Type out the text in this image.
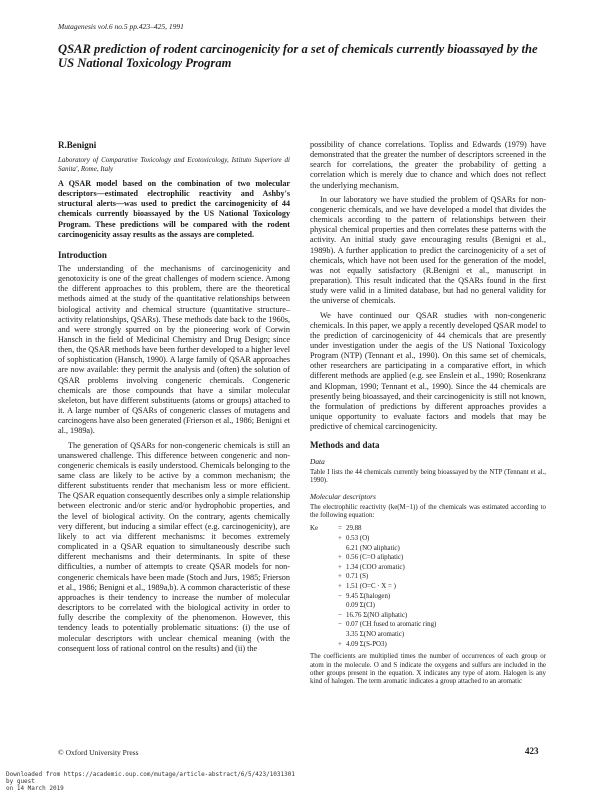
Mutagenesis vol.6 no.5 pp.423–425, 1991
QSAR prediction of rodent carcinogenicity for a set of chemicals currently bioassayed by the US National Toxicology Program
R.Benigni
Laboratory of Comparative Toxicology and Ecotoxicology, Istituto Superiore di Sanita', Rome, Italy
A QSAR model based on the combination of two molecular descriptors—estimated electrophilic reactivity and Ashby's structural alerts—was used to predict the carcinogenicity of 44 chemicals currently bioassayed by the US National Toxicology Program. These predictions will be compared with the rodent carcinogenicity assay results as the assays are completed.
Introduction

The understanding of the mechanisms of carcinogenicity and genotoxicity is one of the great challenges of modern science. Among the different approaches to this problem, there are the theoretical methods aimed at the study of the quantitative relationships between biological activity and chemical structure (quantitative structure–activity relationships, QSARs). These methods date back to the 1960s, and were strongly spurred on by the pioneering work of Corwin Hansch in the field of Medicinal Chemistry and Drug Design; since then, the QSAR methods have been further developed to a higher level of sophistication (Hansch, 1990). A large family of QSAR approaches are now available: they permit the analysis and (often) the solution of QSAR problems involving congeneric chemicals. Congeneric chemicals are those compounds that have a similar molecular skeleton, but have different substituents (atoms or groups) attached to it. A large number of QSARs of congeneric classes of mutagens and carcinogens have also been generated (Frierson et al., 1986; Benigni et al., 1989a).

The generation of QSARs for non-congeneric chemicals is still an unanswered challenge. This difference between congeneric and non-congeneric chemicals is easily understood. Chemicals belonging to the same class are likely to be active by a common mechanism; the different substituents render that mechanism less or more efficient. The QSAR equation consequently describes only a simple relationship between electronic and/or steric and/or hydrophobic properties, and the level of biological activity. On the contrary, agents chemically very different, but inducing a similar effect (e.g. carcinogenicity), are likely to act via different mechanisms: it becomes extremely complicated in a QSAR equation to simultaneously describe such different mechanisms and their determinants. In spite of these difficulties, a number of attempts to create QSAR models for non-congeneric chemicals have been made (Stoch and Jurs, 1985; Frierson et al., 1986; Benigni et al., 1989a,b). A common characteristic of these approaches is their tendency to increase the number of molecular descriptors to be correlated with the biological activity in order to fully describe the complexity of the phenomenon. However, this tendency leads to potentially problematic situations: (i) the use of molecular descriptors with unclear chemical meaning (with the consequent loss of rational control on the results) and (ii) the

possibility of chance correlations. Topliss and Edwards (1979) have demonstrated that the greater the number of descriptors screened in the search for correlations, the greater the probability of getting a correlation which is merely due to chance and which does not reflect the underlying mechanism.

In our laboratory we have studied the problem of QSARs for non-congeneric chemicals, and we have developed a model that divides the chemicals according to the pattern of relationships between their physical chemical properties and then correlates these patterns with the activity. An initial study gave encouraging results (Benigni et al., 1989b). A further application to predict the carcinogenicity of a set of chemicals, which have not been used for the generation of the model, was not equally satisfactory (R.Benigni et al., manuscript in preparation). This result indicated that the QSARs found in the first study were valid in a limited database, but had no general validity for the universe of chemicals.

We have continued our QSAR studies with non-congeneric chemicals. In this paper, we apply a recently developed QSAR model to the prediction of carcinogenicity of 44 chemicals that are presently under investigation under the aegis of the US National Toxicology Program (NTP) (Tennant et al., 1990). On this same set of chemicals, other researchers are participating in a comparative effort, in which different methods are applied (e.g. see Enslein et al., 1990; Rosenkranz and Klopman, 1990; Tennant et al., 1990). Since the 44 chemicals are presently being bioassayed, and their carcinogenicity is still not known, the formulation of predictions by different approaches provides a unique opportunity to evaluate factors and models that may be predictive of chemical carcinogenicity.

Methods and data
Data
Table I lists the 44 chemicals currently being bioassayed by the NTP (Tennant et al., 1990).
Molecular descriptors
The electrophilic reactivity (ke(M−1)) of the chemicals was estimated according to the following equation:
Ke	= 29.88
+ 0.53 (O)
6.21 (NO aliphatic)
+ 0.56 (C=O aliphatic)
+ 1.34 (COO aromatic)
+ 0.71 (S)
+ 1.51 (O=C · X = )
− 9.45 Σ(halogen)
0.09 Σ(Cl)
− 16.76 Σ(NO aliphatic)
− 0.07 (CH fused to aromatic ring)
3.35 Σ(NO aromatic)
+ 4.09 Σ(S-PO3)
The coefficients are multiplied times the number of occurrences of each group or atom in the molecule. O and S indicate the oxygens and sulfurs are included in the other groups present in the equation. X indicates any type of atom. Halogen is any kind of halogen. The term aromatic indicates a group attached to an aromatic
© Oxford University Press	423
Downloaded from https://academic.oup.com/mutage/article-abstract/6/5/423/1031301
by guest
on 14 March 2019
